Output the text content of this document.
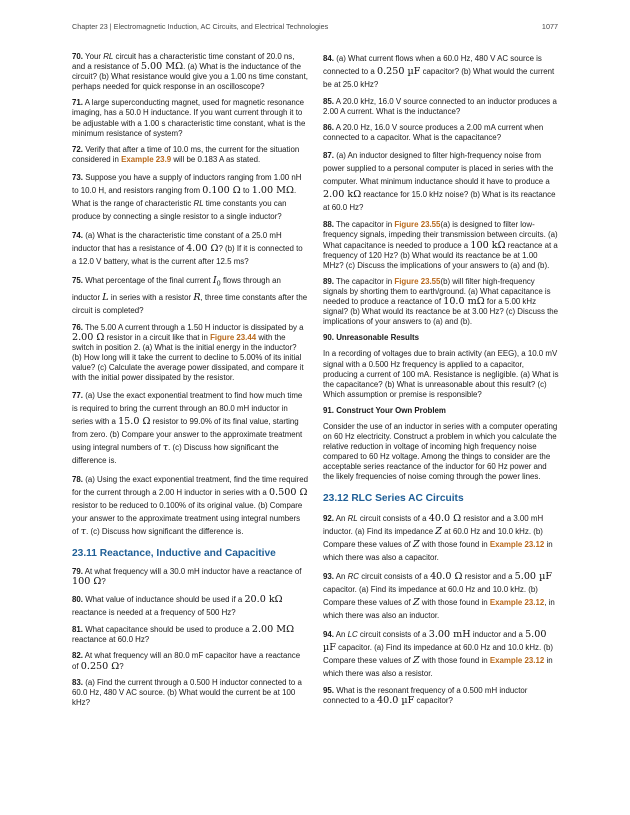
Chapter 23 | Electromagnetic Induction, AC Circuits, and Electrical Technologies	1077

70. Your RL circuit has a characteristic time constant of 20.0 ns, and a resistance of 5.00 MΩ. (a) What is the inductance of the circuit? (b) What resistance would give you a 1.00 ns time constant, perhaps needed for quick response in an oscilloscope?

71. A large superconducting magnet, used for magnetic resonance imaging, has a 50.0 H inductance. If you want current through it to be adjustable with a 1.00 s characteristic time constant, what is the minimum resistance of system?

72. Verify that after a time of 10.0 ms, the current for the situation considered in Example 23.9 will be 0.183 A as stated.

73. Suppose you have a supply of inductors ranging from 1.00 nH to 10.0 H, and resistors ranging from 0.100 Ω to 1.00 MΩ. What is the range of characteristic RL time constants you can produce by connecting a single resistor to a single inductor?

74. (a) What is the characteristic time constant of a 25.0 mH inductor that has a resistance of 4.00 Ω? (b) If it is connected to a 12.0 V battery, what is the current after 12.5 ms?

75. What percentage of the final current $I_0$ flows through an inductor L in series with a resistor R, three time constants after the circuit is completed?

76. The 5.00 A current through a 1.50 H inductor is dissipated by a 2.00 Ω resistor in a circuit like that in Figure 23.44 with the switch in position 2. (a) What is the initial energy in the inductor? (b) How long will it take the current to decline to 5.00% of its initial value? (c) Calculate the average power dissipated, and compare it with the initial power dissipated by the resistor.

77. (a) Use the exact exponential treatment to find how much time is required to bring the current through an 80.0 mH inductor in series with a 15.0 Ω resistor to 99.0% of its final value, starting from zero. (b) Compare your answer to the approximate treatment using integral numbers of τ. (c) Discuss how significant the difference is.

78. (a) Using the exact exponential treatment, find the time required for the current through a 2.00 H inductor in series with a 0.500 Ω resistor to be reduced to 0.100% of its original value. (b) Compare your answer to the approximate treatment using integral numbers of τ. (c) Discuss how significant the difference is.

23.11 Reactance, Inductive and Capacitive

79. At what frequency will a 30.0 mH inductor have a reactance of 100 Ω?

80. What value of inductance should be used if a 20.0 kΩ reactance is needed at a frequency of 500 Hz?

81. What capacitance should be used to produce a 2.00 MΩ reactance at 60.0 Hz?

82. At what frequency will an 80.0 mF capacitor have a reactance of 0.250 Ω?

83. (a) Find the current through a 0.500 H inductor connected to a 60.0 Hz, 480 V AC source. (b) What would the current be at 100 kHz?

84. (a) What current flows when a 60.0 Hz, 480 V AC source is connected to a 0.250 µF capacitor? (b) What would the current be at 25.0 kHz?

85. A 20.0 kHz, 16.0 V source connected to an inductor produces a 2.00 A current. What is the inductance?

86. A 20.0 Hz, 16.0 V source produces a 2.00 mA current when connected to a capacitor. What is the capacitance?

87. (a) An inductor designed to filter high-frequency noise from power supplied to a personal computer is placed in series with the computer. What minimum inductance should it have to produce a 2.00 kΩ reactance for 15.0 kHz noise? (b) What is its reactance at 60.0 Hz?

88. The capacitor in Figure 23.55(a) is designed to filter low-frequency signals, impeding their transmission between circuits. (a) What capacitance is needed to produce a 100 kΩ reactance at a frequency of 120 Hz? (b) What would its reactance be at 1.00 MHz? (c) Discuss the implications of your answers to (a) and (b).

89. The capacitor in Figure 23.55(b) will filter high-frequency signals by shorting them to earth/ground. (a) What capacitance is needed to produce a reactance of 10.0 mΩ for a 5.00 kHz signal? (b) What would its reactance be at 3.00 Hz? (c) Discuss the implications of your answers to (a) and (b).

90. Unreasonable Results

In a recording of voltages due to brain activity (an EEG), a 10.0 mV signal with a 0.500 Hz frequency is applied to a capacitor, producing a current of 100 mA. Resistance is negligible. (a) What is the capacitance? (b) What is unreasonable about this result? (c) Which assumption or premise is responsible?

91. Construct Your Own Problem

Consider the use of an inductor in series with a computer operating on 60 Hz electricity. Construct a problem in which you calculate the relative reduction in voltage of incoming high frequency noise compared to 60 Hz voltage. Among the things to consider are the acceptable series reactance of the inductor for 60 Hz power and the likely frequencies of noise coming through the power lines.

23.12 RLC Series AC Circuits

92. An RL circuit consists of a 40.0 Ω resistor and a 3.00 mH inductor. (a) Find its impedance Z at 60.0 Hz and 10.0 kHz. (b) Compare these values of Z with those found in Example 23.12 in which there was also a capacitor.

93. An RC circuit consists of a 40.0 Ω resistor and a 5.00 µF capacitor. (a) Find its impedance at 60.0 Hz and 10.0 kHz. (b) Compare these values of Z with those found in Example 23.12, in which there was also an inductor.

94. An LC circuit consists of a 3.00 mH inductor and a 5.00 µF capacitor. (a) Find its impedance at 60.0 Hz and 10.0 kHz. (b) Compare these values of Z with those found in Example 23.12 in which there was also a resistor.

95. What is the resonant frequency of a 0.500 mH inductor connected to a 40.0 µF capacitor?
